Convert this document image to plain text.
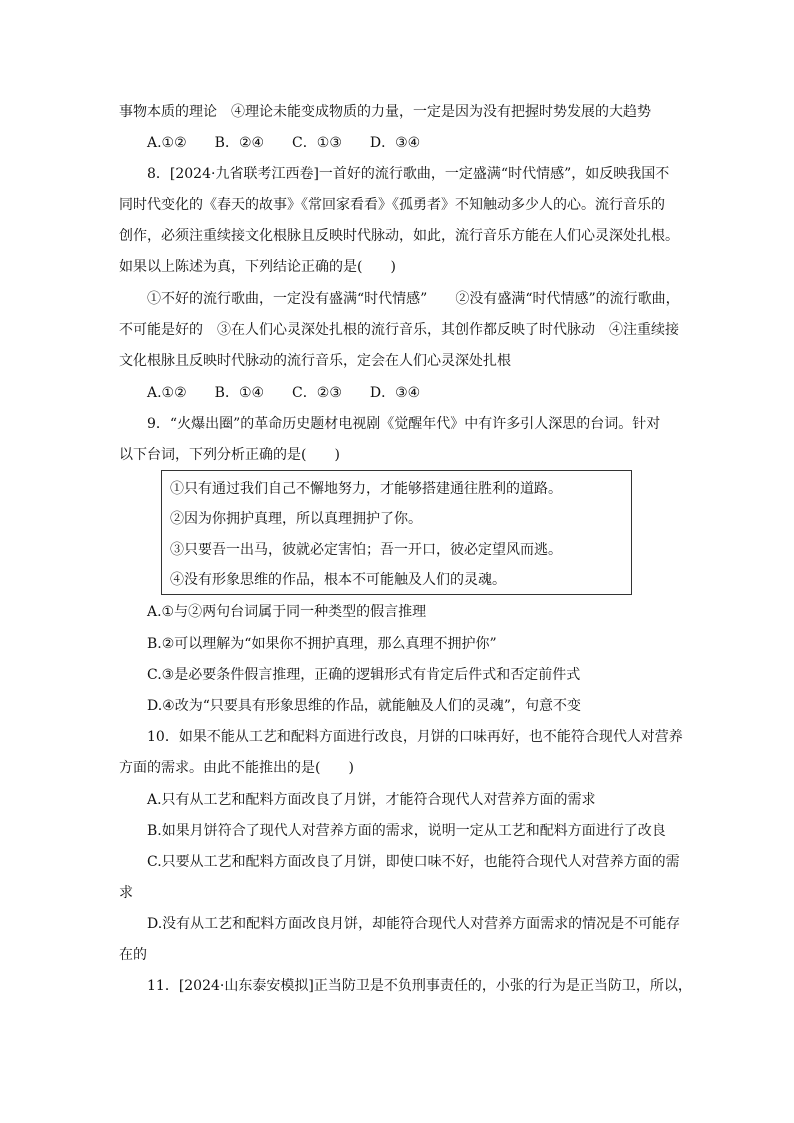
事物本质的理论　④理论未能变成物质的力量，一定是因为没有把握时势发展的大趋势
A.①②　　B．②④　　C．①③　　D．③④
8．[2024·九省联考江西卷]一首好的流行歌曲，一定盛满“时代情感”，如反映我国不
同时代变化的《春天的故事》《常回家看看》《孤勇者》不知触动多少人的心。流行音乐的
创作，必须注重续接文化根脉且反映时代脉动，如此，流行音乐方能在人们心灵深处扎根。
如果以上陈述为真，下列结论正确的是(　　)
①不好的流行歌曲，一定没有盛满“时代情感”　　②没有盛满“时代情感”的流行歌曲，
不可能是好的　③在人们心灵深处扎根的流行音乐，其创作都反映了时代脉动　④注重续接
文化根脉且反映时代脉动的流行音乐，定会在人们心灵深处扎根
A.①②　　B．①④　　C．②③　　D．③④
9．“火爆出圈”的革命历史题材电视剧《觉醒年代》中有许多引人深思的台词。针对
以下台词，下列分析正确的是(　　)
①只有通过我们自己不懈地努力，才能够搭建通往胜利的道路。
②因为你拥护真理，所以真理拥护了你。
③只要吾一出马，彼就必定害怕；吾一开口，彼必定望风而逃。
④没有形象思维的作品，根本不可能触及人们的灵魂。
A.①与②两句台词属于同一种类型的假言推理
B.②可以理解为“如果你不拥护真理，那么真理不拥护你”
C.③是必要条件假言推理，正确的逻辑形式有肯定后件式和否定前件式
D.④改为“只要具有形象思维的作品，就能触及人们的灵魂”，句意不变
10．如果不能从工艺和配料方面进行改良，月饼的口味再好，也不能符合现代人对营养
方面的需求。由此不能推出的是(　　)
A.只有从工艺和配料方面改良了月饼，才能符合现代人对营养方面的需求
B.如果月饼符合了现代人对营养方面的需求，说明一定从工艺和配料方面进行了改良
C.只要从工艺和配料方面改良了月饼，即使口味不好，也能符合现代人对营养方面的需
求
D.没有从工艺和配料方面改良月饼，却能符合现代人对营养方面需求的情况是不可能存
在的
11．[2024·山东泰安模拟]正当防卫是不负刑事责任的，小张的行为是正当防卫，所以，
